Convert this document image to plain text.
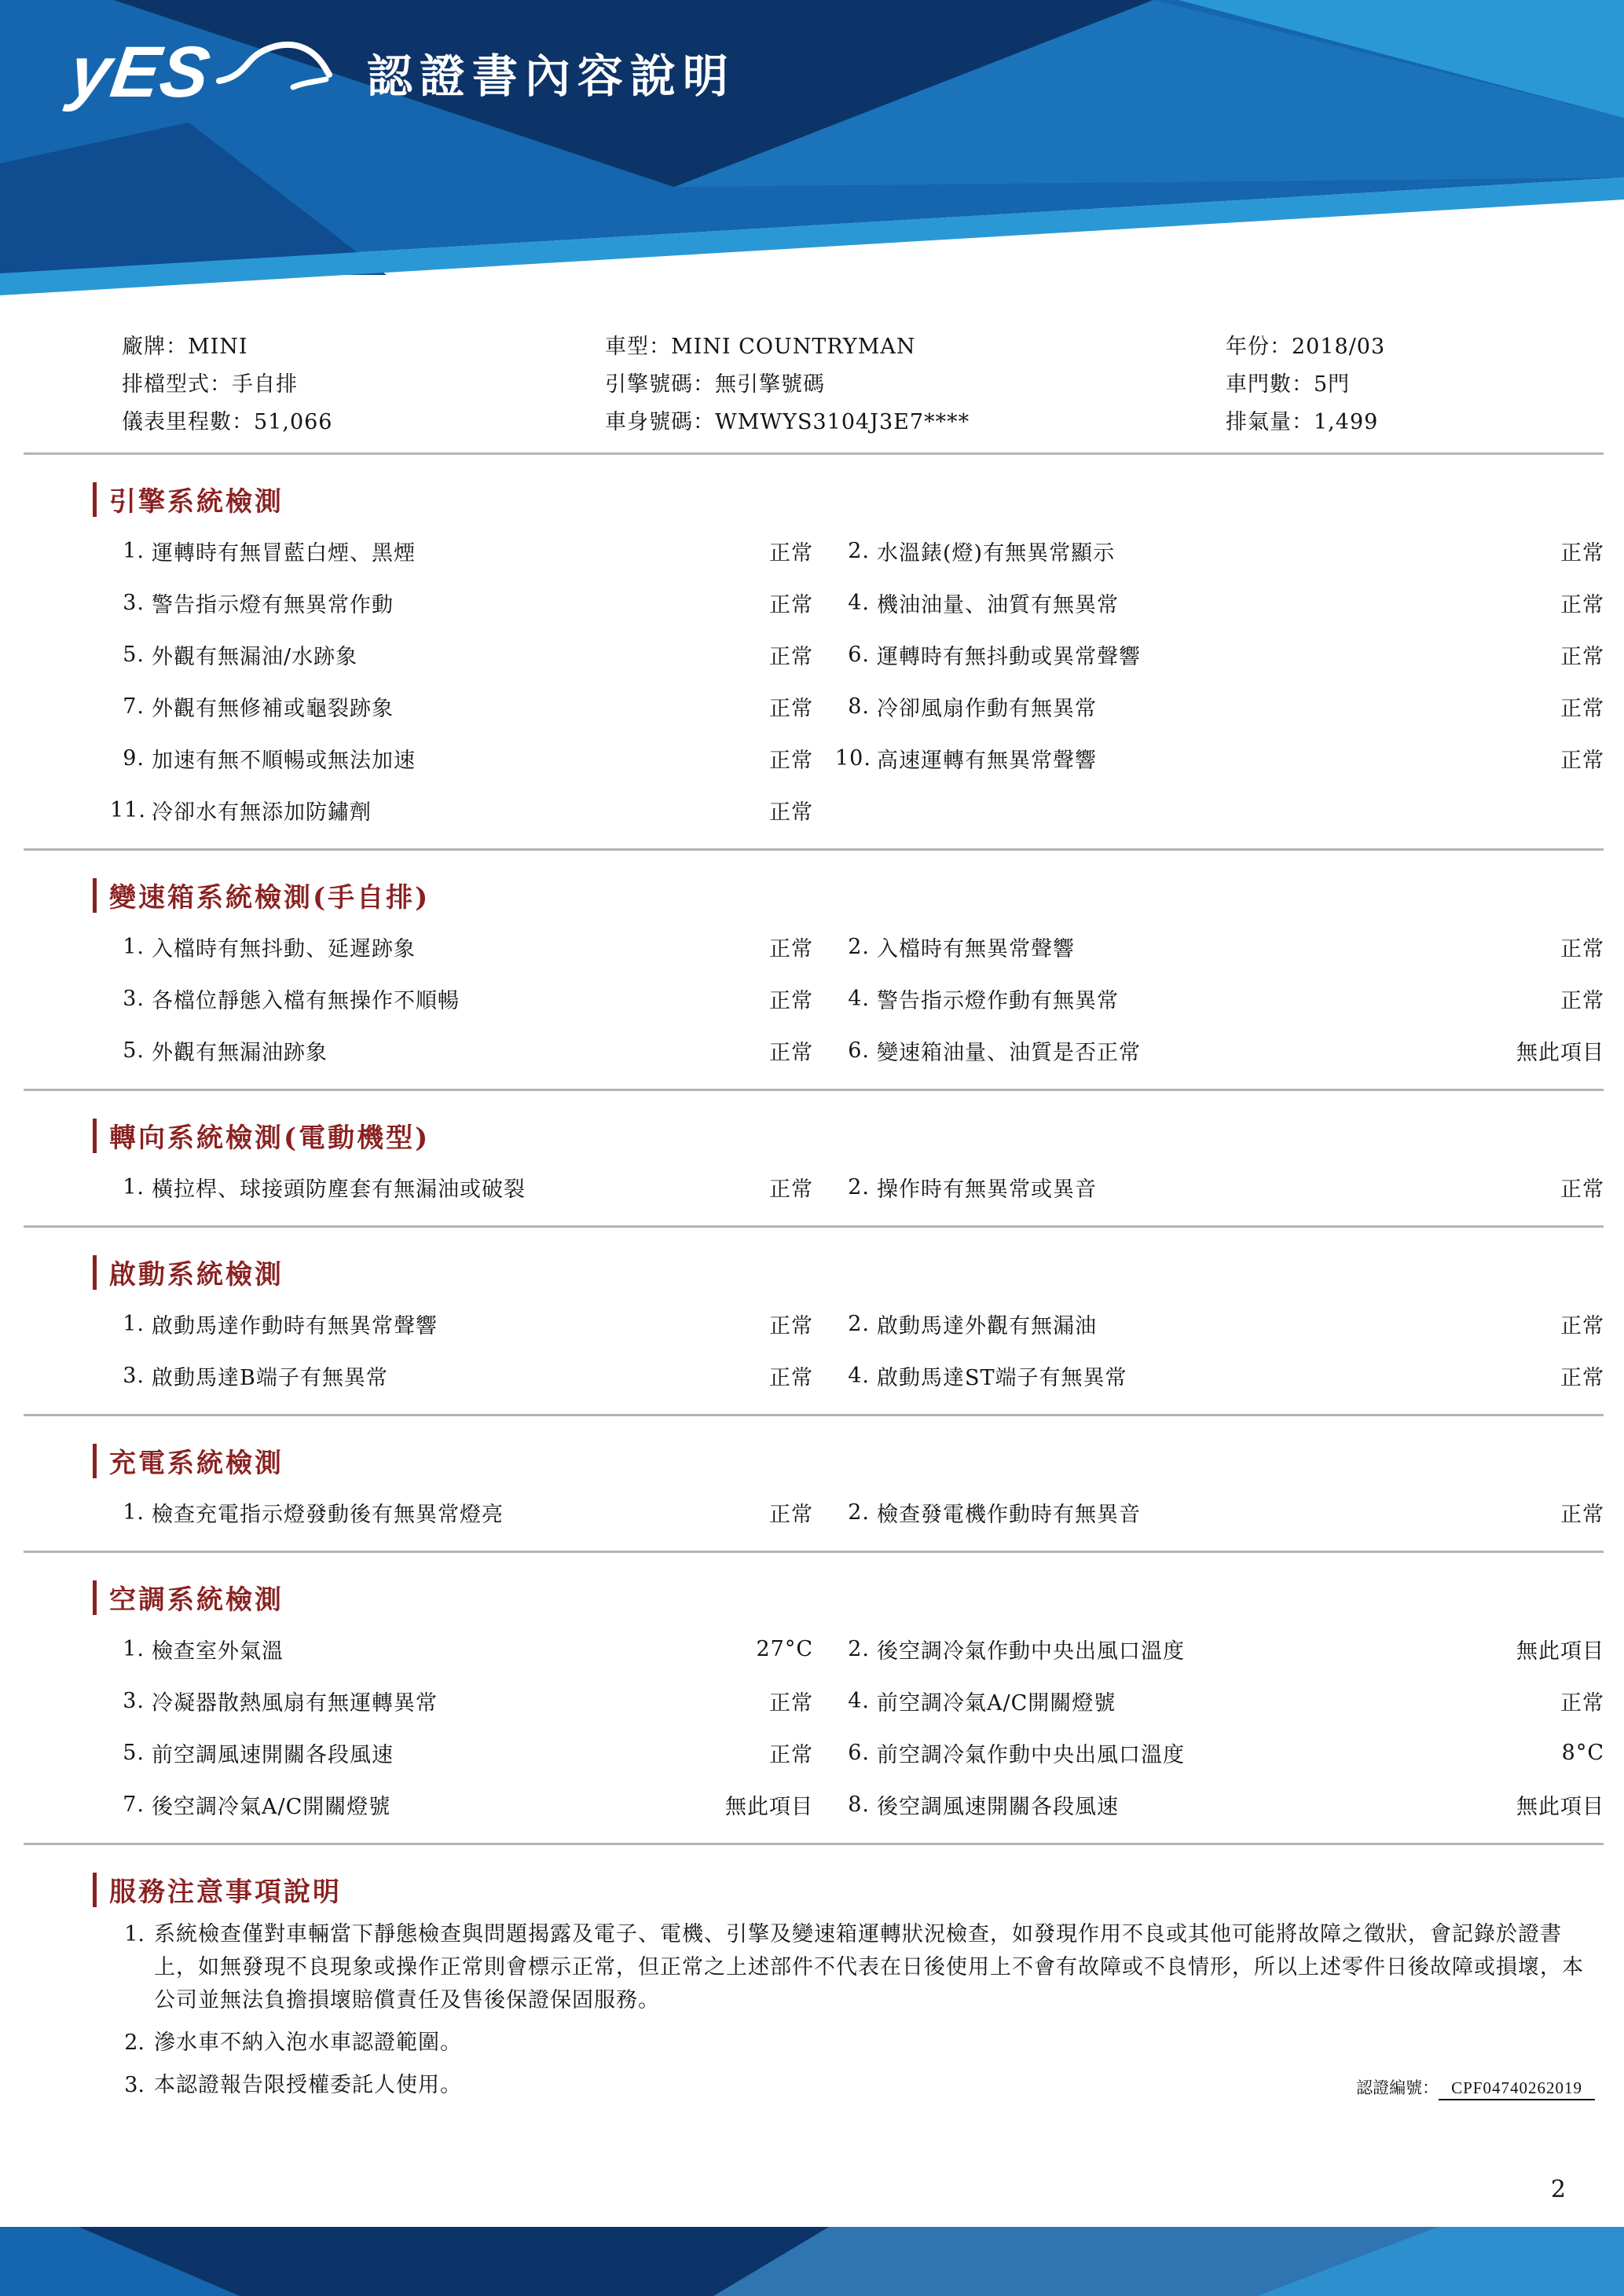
yES	認證書內容說明
廠牌：MINI
排檔型式：手自排
儀表里程數：51,066
車型：MINI COUNTRYMAN
引擎號碼：無引擎號碼
車身號碼：WMWYS3104J3E7****
年份：2018/03
車門數：5門
排氣量：1,499
引擎系統檢測
1. 運轉時有無冒藍白煙、黑煙	正常	2. 水溫錶(燈)有無異常顯示	正常
3. 警告指示燈有無異常作動	正常	4. 機油油量、油質有無異常	正常
5. 外觀有無漏油/水跡象	正常	6. 運轉時有無抖動或異常聲響	正常
7. 外觀有無修補或龜裂跡象	正常	8. 冷卻風扇作動有無異常	正常
9. 加速有無不順暢或無法加速	正常 10. 高速運轉有無異常聲響	正常
11. 冷卻水有無添加防鏽劑	正常
變速箱系統檢測(手自排)
1. 入檔時有無抖動、延遲跡象	正常	2. 入檔時有無異常聲響	正常
3. 各檔位靜態入檔有無操作不順暢	正常	4. 警告指示燈作動有無異常	正常
5. 外觀有無漏油跡象	正常	6. 變速箱油量、油質是否正常	無此項目
轉向系統檢測(電動機型)
1. 橫拉桿、球接頭防塵套有無漏油或破裂	正常	2. 操作時有無異常或異音	正常
啟動系統檢測
1. 啟動馬達作動時有無異常聲響	正常	2. 啟動馬達外觀有無漏油	正常
3. 啟動馬達B端子有無異常	正常	4. 啟動馬達ST端子有無異常	正常
充電系統檢測
1. 檢查充電指示燈發動後有無異常燈亮	正常	2. 檢查發電機作動時有無異音	正常
空調系統檢測
1. 檢查室外氣溫	27°C	2. 後空調冷氣作動中央出風口溫度	無此項目
3. 冷凝器散熱風扇有無運轉異常	正常	4. 前空調冷氣A/C開關燈號	正常
5. 前空調風速開關各段風速	正常	6. 前空調冷氣作動中央出風口溫度	8°C
7. 後空調冷氣A/C開關燈號	無此項目	8. 後空調風速開關各段風速	無此項目
服務注意事項說明
1. 系統檢查僅對車輛當下靜態檢查與問題揭露及電子、電機、引擎及變速箱運轉狀況檢查，如發現作用不良或其他可能將故障之徵狀，會記錄於證書上，如無發現不良現象或操作正常則會標示正常，但正常之上述部件不代表在日後使用上不會有故障或不良情形，所以上述零件日後故障或損壞，本公司並無法負擔損壞賠償責任及售後保證保固服務。
2. 滲水車不納入泡水車認證範圍。
3. 本認證報告限授權委託人使用。	認證編號： CPF04740262019
2
